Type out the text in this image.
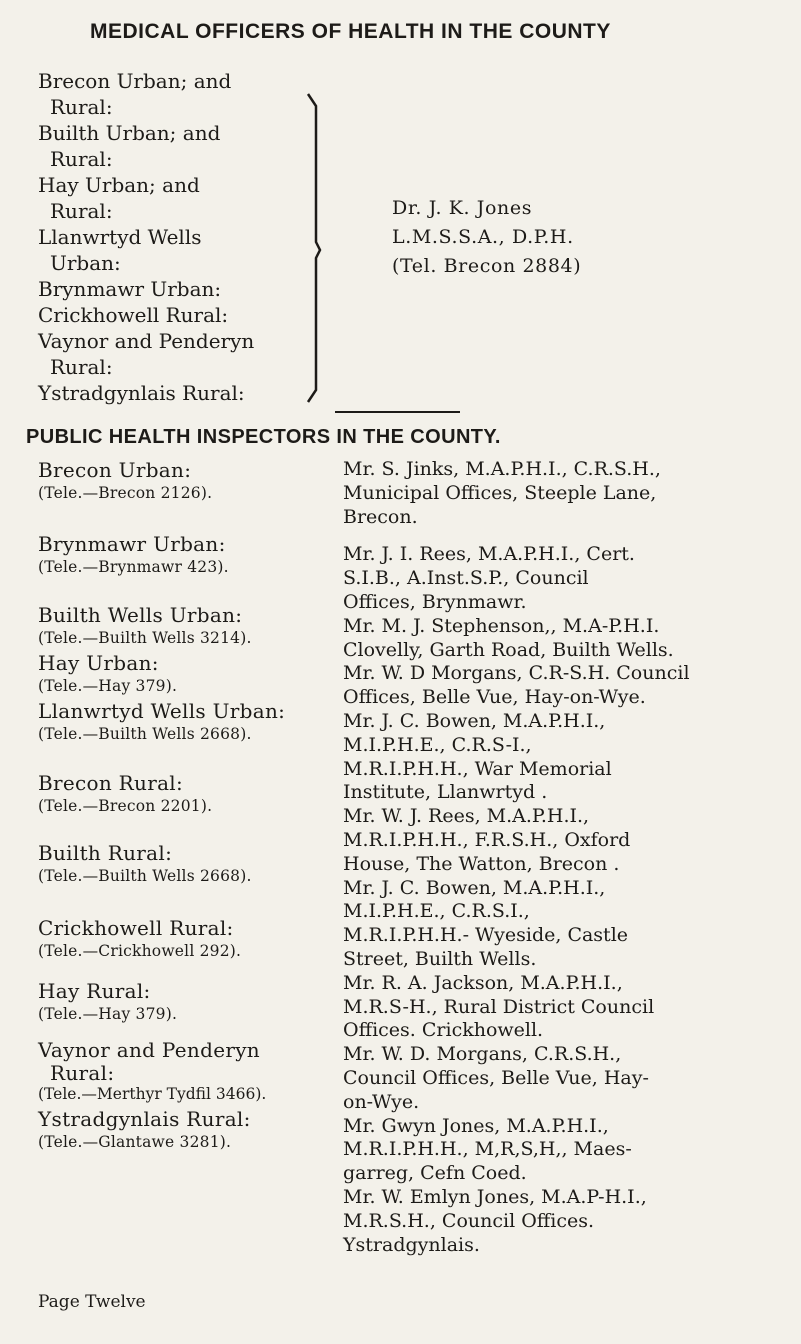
MEDICAL OFFICERS OF HEALTH IN THE COUNTY
Brecon Urban; and
Rural:
Builth Urban; and
Rural:
Hay Urban; and
Rural:
Llanwrtyd Wells
Urban:
Brynmawr Urban:
Crickhowell Rural:
Vaynor and Penderyn
Rural:
Ystradgynlais Rural:
Dr. J. K. Jones
L.M.S.S.A., D.P.H.
(Tel. Brecon 2884)
PUBLIC HEALTH INSPECTORS IN THE COUNTY.
Brecon Urban:
(Tele.—Brecon 2126).
Brynmawr Urban:
(Tele.—Brynmawr 423).
Builth Wells Urban:
(Tele.—Builth Wells 3214).
Hay Urban:
(Tele.—Hay 379).
Llanwrtyd Wells Urban:
(Tele.—Builth Wells 2668).
Brecon Rural:
(Tele.—Brecon 2201).
Builth Rural:
(Tele.—Builth Wells 2668).
Crickhowell Rural:
(Tele.—Crickhowell 292).
Hay Rural:
(Tele.—Hay 379).
Vaynor and Penderyn
Rural:
(Tele.—Merthyr Tydfil 3466).
Ystradgynlais Rural:
(Tele.—Glantawe 3281).
Mr. S. Jinks, M.A.P.H.I., C.R.S.H.,
Municipal Offices, Steeple Lane,
Brecon.
Mr. J. I. Rees, M.A.P.H.I., Cert.
S.I.B., A.Inst.S.P., Council
Offices, Brynmawr.
Mr. M. J. Stephenson,, M.A-P.H.I.
Clovelly, Garth Road, Builth Wells.
Mr. W. D Morgans, C.R-S.H. Council
Offices, Belle Vue, Hay-on-Wye.
Mr. J. C. Bowen, M.A.P.H.I.,
M.I.P.H.E., C.R.S-I.,
M.R.I.P.H.H., War Memorial
Institute, Llanwrtyd .
Mr. W. J. Rees, M.A.P.H.I.,
M.R.I.P.H.H., F.R.S.H., Oxford
House, The Watton, Brecon .
Mr. J. C. Bowen, M.A.P.H.I.,
M.I.P.H.E., C.R.S.I.,
M.R.I.P.H.H.- Wyeside, Castle
Street, Builth Wells.
Mr. R. A. Jackson, M.A.P.H.I.,
M.R.S-H., Rural District Council
Offices. Crickhowell.
Mr. W. D. Morgans, C.R.S.H.,
Council Offices, Belle Vue, Hay-
on-Wye.
Mr. Gwyn Jones, M.A.P.H.I.,
M.R.I.P.H.H., M,R,S,H,, Maes-
garreg, Cefn Coed.
Mr. W. Emlyn Jones, M.A.P-H.I.,
M.R.S.H., Council Offices.
Ystradgynlais.
Page Twelve
